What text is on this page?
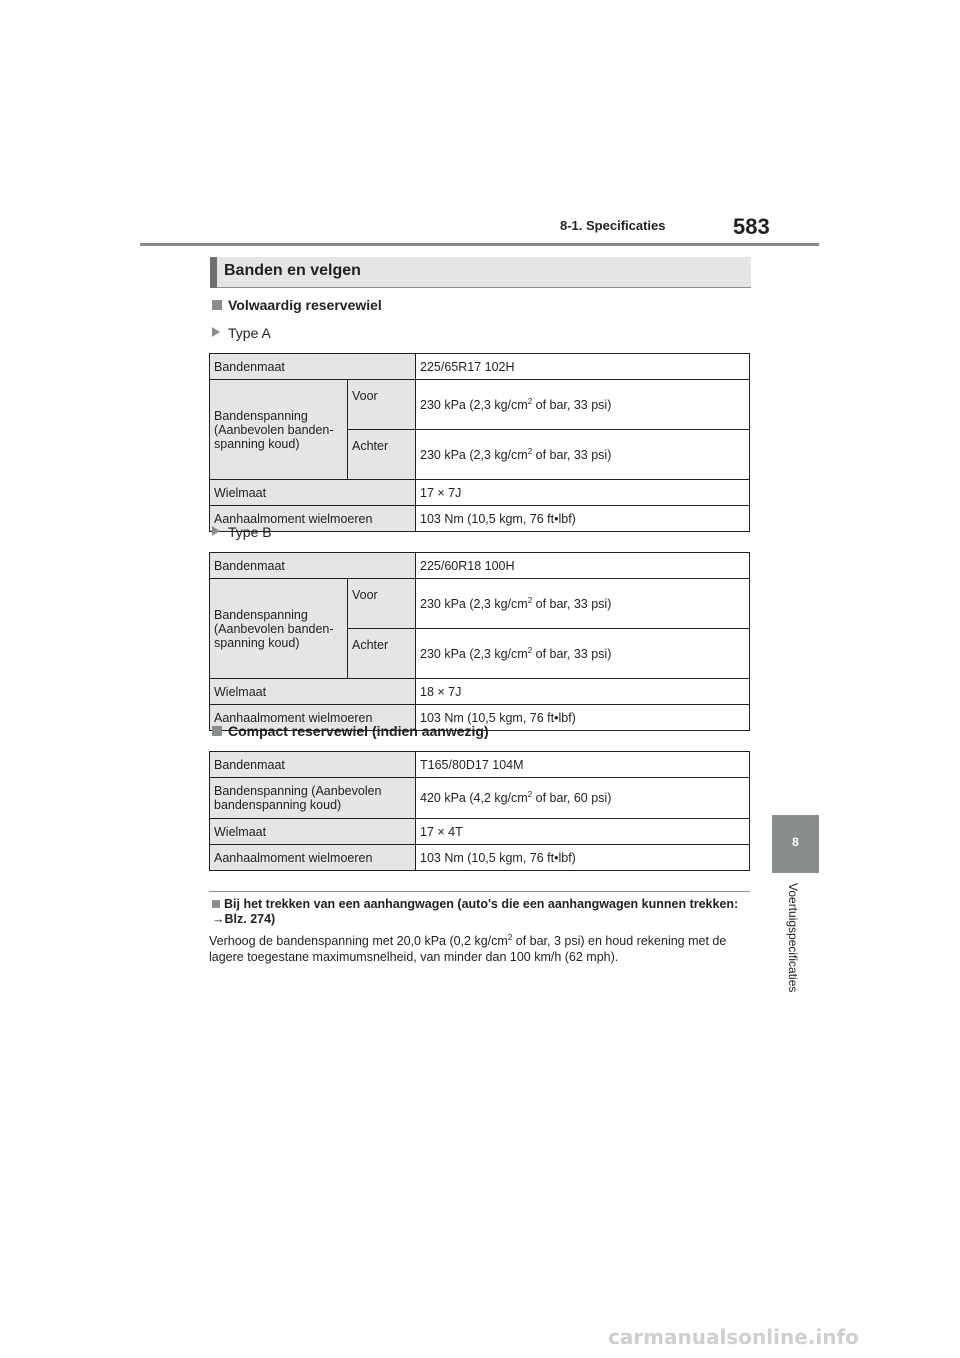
8-1. Specificaties	583
8
Voertuigspecificaties
Banden en velgen
Volwaardig reservewiel
Type A
Bandenmaat		225/65R17 102H
Bandenspanning (Aanbevolen banden-spanning koud)	Voor	230 kPa (2,3 $kg/cm^2$ of bar, 33 psi)
	Achter	230 kPa (2,3 $kg/cm^2$ of bar, 33 psi)
Wielmaat		17 × 7J
Aanhaalmoment wielmoeren		103 Nm (10,5 kgm, 76 ft•lbf)
Type B
Bandenmaat		225/60R18 100H
Bandenspanning (Aanbevolen banden-spanning koud)	Voor	230 kPa (2,3 $kg/cm^2$ of bar, 33 psi)
	Achter	230 kPa (2,3 $kg/cm^2$ of bar, 33 psi)
Wielmaat		18 × 7J
Aanhaalmoment wielmoeren		103 Nm (10,5 kgm, 76 ft•lbf)
Compact reservewiel (indien aanwezig)
Bandenmaat	T165/80D17 104M
Bandenspanning (Aanbevolen bandenspanning koud)	420 kPa (4,2 $kg/cm^2$ of bar, 60 psi)
Wielmaat	17 × 4T
Aanhaalmoment wielmoeren	103 Nm (10,5 kgm, 76 ft•lbf)
Bij het trekken van een aanhangwagen (auto's die een aanhangwagen kunnen trekken: →Blz. 274)
Verhoog de bandenspanning met 20,0 kPa (0,2 $kg/cm^2$ of bar, 3 psi) en houd rekening met de lagere toegestane maximumsnelheid, van minder dan 100 km/h (62 mph).
carmanualsonline.info
